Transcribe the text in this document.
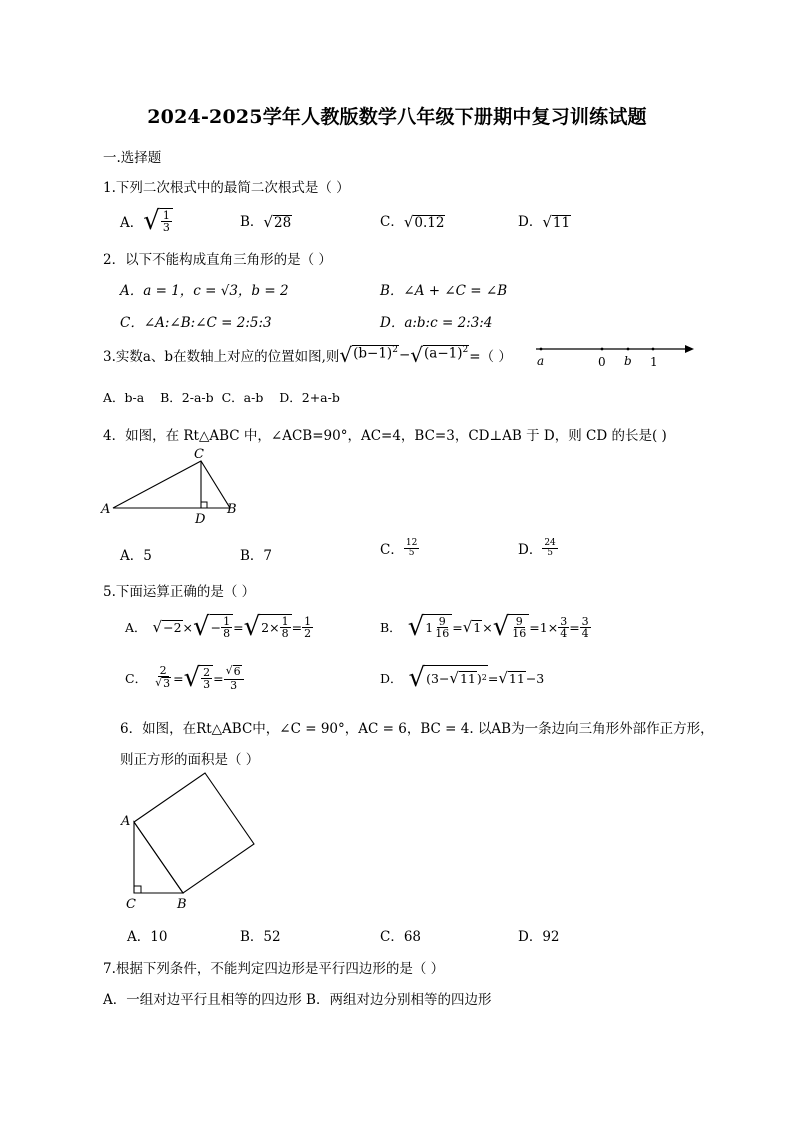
2024-2025学年人教版数学八年级下册期中复习训练试题
一.选择题
1.下列二次根式中的最简二次根式是（ ）
A． √ $\frac{1}{3}$	B． √ 28	C． √ 0.12	D． √ 11
2．以下不能构成直角三角形的是（ ）
A．a = 1，c = √3，b = 2	B．∠A + ∠C = ∠B
C．∠A:∠B:∠C = 2:5:3	D．a:b:c = 2:3:4
3.实数a、b在数轴上对应的位置如图,则 √ $(b-1)^2$ − √ $(a-1)^2$ =（ ） a	0 b 1
A．b-a    B．2-a-b  C．a-b    D．2+a-b
4．如图，在 Rt△ABC 中，∠ACB=90°，AC=4，BC=3，CD⊥AB 于 D，则 CD 的长是( )
C
A	B
D
A．5	B．7	C． $\frac{12}{5}$	D． $\frac{24}{5}$
5.下面运算正确的是（ ）
A． √ −2 × √ − $\frac{1}{8}$ = √ $2\times \frac{1}{8} = \frac{1}{2}$	B． √ $1 \frac{9}{16}$ = √ 1 × √ $\frac{9}{16} =1\times \frac{3}{4} = \frac{3}{4}$
C． $\frac{2}{√ 3}$ = √ $\frac{2}{3} = \frac{√ 6}{3}$	D． √ (3− √ 11 ) 2 = √ 11 −3
6．如图，在Rt△ABC中，∠C = 90°，AC = 6，BC = 4. 以AB为一条边向三角形外部作正方形，
则正方形的面积是（ ）
A
C	B
A．10	B．52	C．68	D．92
7.根据下列条件，不能判定四边形是平行四边形的是（ ）
A．一组对边平行且相等的四边形 B．两组对边分别相等的四边形
